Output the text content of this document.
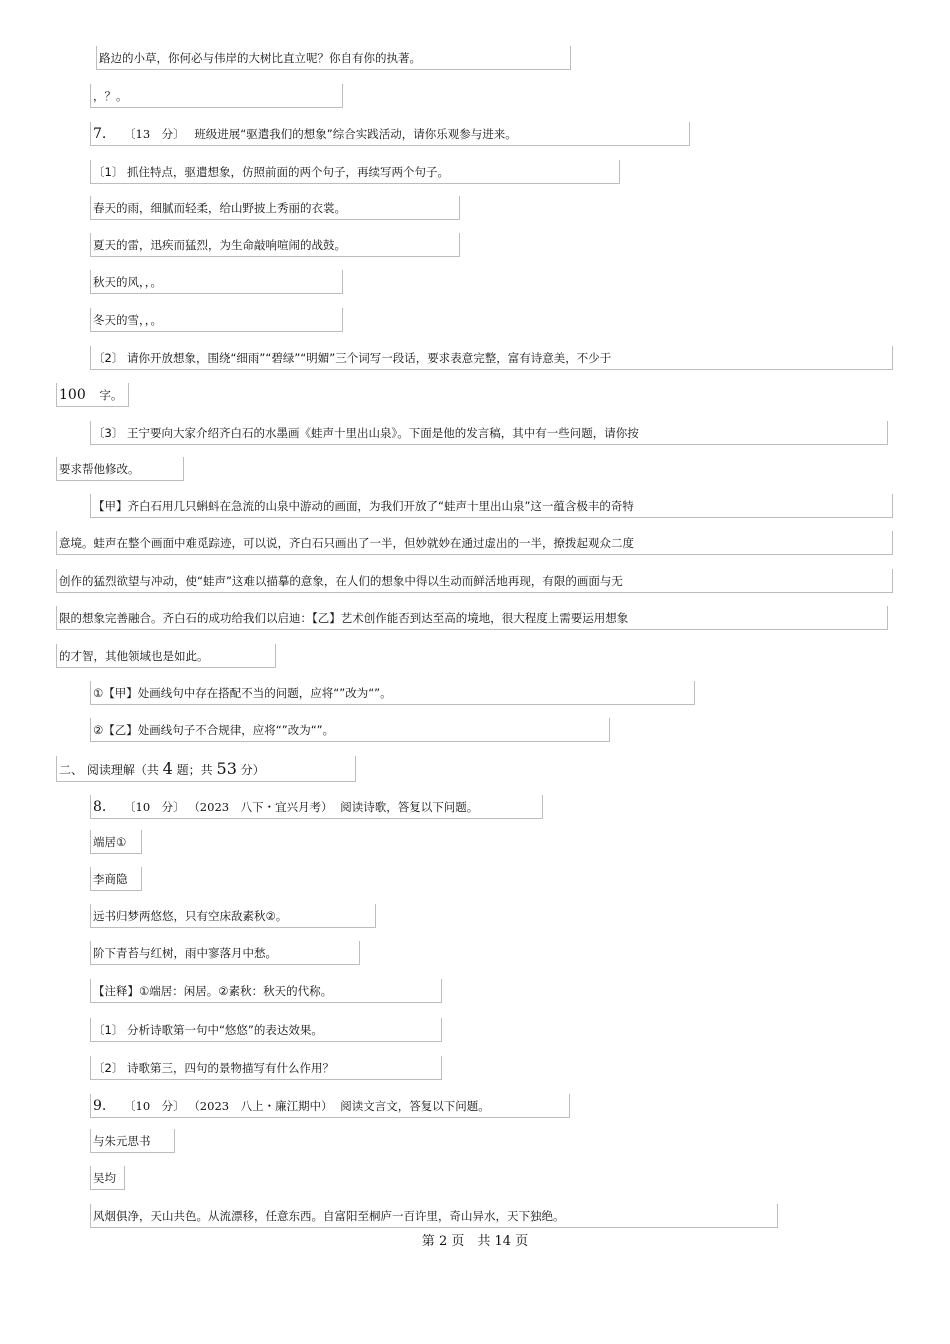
路边的小草，你何必与伟岸的大树比直立呢？你自有你的执著。
，？。
7. 〔13　分〕 班级进展“驱遣我们的想象”综合实践活动，请你乐观参与进来。
〔1〕 抓住特点，驱遣想象，仿照前面的两个句子，再续写两个句子。
春天的雨，细腻而轻柔，给山野披上秀丽的衣裳。
夏天的雷，迅疾而猛烈，为生命敲响喧闹的战鼓。
秋天的风，，。
冬天的雪，，。
〔2〕 请你开放想象，围绕“细雨”“碧绿”“明媚”三个词写一段话，要求表意完整，富有诗意美，不少于
100 字。
〔3〕 王宁要向大家介绍齐白石的水墨画《蛙声十里出山泉》。下面是他的发言稿，其中有一些问题，请你按
要求帮他修改。
【甲】齐白石用几只蝌蚪在急流的山泉中游动的画面，为我们开放了“蛙声十里出山泉”这一蕴含极丰的奇特
意境。蛙声在整个画面中难觅踪迹，可以说，齐白石只画出了一半，但妙就妙在通过虚出的一半，撩拨起观众二度
创作的猛烈欲望与冲动，使“蛙声”这难以描摹的意象，在人们的想象中得以生动而鲜活地再现，有限的画面与无
限的想象完善融合。齐白石的成功给我们以启迪：【乙】艺术创作能否到达至高的境地，很大程度上需要运用想象
的才智，其他领域也是如此。
①【甲】处画线句中存在搭配不当的问题，应将“”改为“”。
②【乙】处画线句子不合规律，应将“”改为“”。
二、 阅读理解（共 4 题；共 53 分）
8. 〔10　分〕 （2023　八下・宜兴月考） 阅读诗歌，答复以下问题。
端居①
李商隐
远书归梦两悠悠，只有空床敌素秋②。
阶下青苔与红树，雨中寥落月中愁。
【注释】①端居：闲居。②素秋：秋天的代称。
〔1〕 分析诗歌第一句中“悠悠”的表达效果。
〔2〕 诗歌第三，四句的景物描写有什么作用？
9. 〔10　分〕 （2023　八上・廉江期中） 阅读文言文，答复以下问题。
与朱元思书
吴均
风烟俱净，天山共色。从流漂移，任意东西。自富阳至桐庐一百许里，奇山异水，天下独绝。
第 2 页　共 14 页
